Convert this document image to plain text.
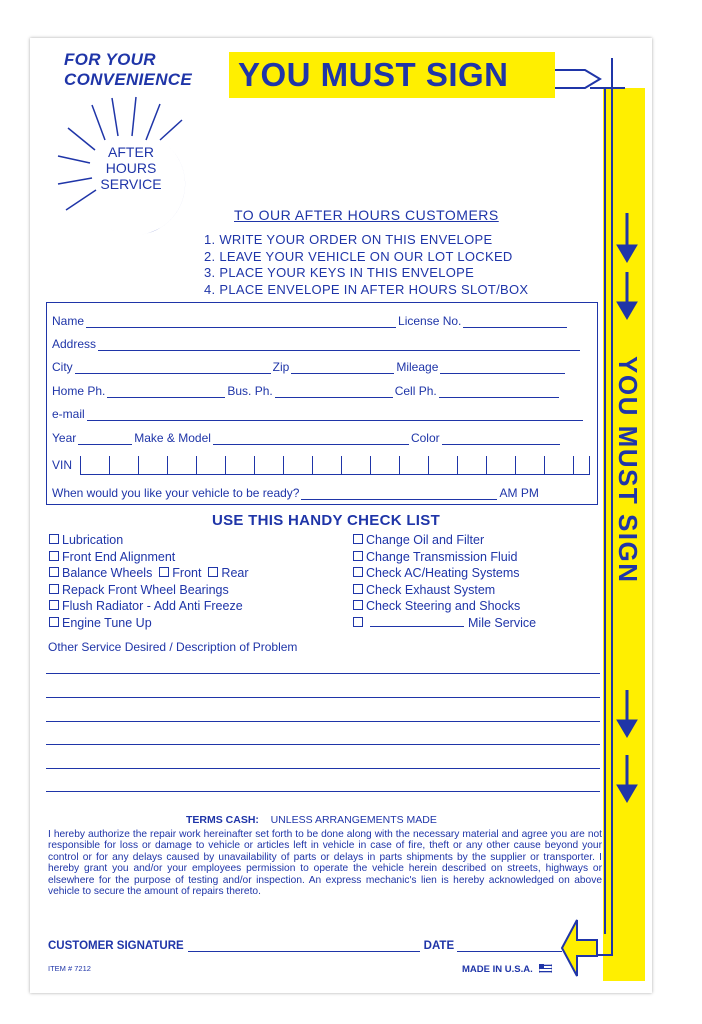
YOU MUST SIGN
FOR YOUR
CONVENIENCE
AFTER
HOURS
SERVICE
TO OUR AFTER HOURS CUSTOMERS
1. WRITE YOUR ORDER ON THIS ENVELOPE
2. LEAVE YOUR VEHICLE ON OUR LOT LOCKED
3. PLACE YOUR KEYS IN THIS ENVELOPE
4. PLACE ENVELOPE IN AFTER HOURS SLOT/BOX
Name	License No.
Address
City	Zip	Mileage
Home Ph.	Bus. Ph.	Cell Ph.
e-mail
Year	Make & Model	Color
VIN
When would you like your vehicle to be ready?	AM PM
USE THIS HANDY CHECK LIST
Lubrication
Front End Alignment
Balance Wheels Front Rear
Repack Front Wheel Bearings
Flush Radiator - Add Anti Freeze
Engine Tune Up
Change Oil and Filter
Change Transmission Fluid
Check AC/Heating Systems
Check Exhaust System
Check Steering and Shocks
Mile Service
Other Service Desired / Description of Problem
TERMS CASH: UNLESS ARRANGEMENTS MADE
I hereby authorize the repair work hereinafter set forth to be done along with the necessary material and agree you are not responsible for loss or damage to vehicle or articles left in vehicle in case of fire, theft or any other cause beyond your control or for any delays caused by unavailability of parts or delays in parts shipments by the supplier or transporter. I hereby grant you and/or your employees permission to operate the vehicle herein described on streets, highways or elsewhere for the purpose of testing and/or inspection. An express mechanic's lien is hereby acknowledged on above vehicle to secure the amount of repairs thereto.
CUSTOMER SIGNATURE	DATE
ITEM # 7212	MADE IN U.S.A.
YOU MUST SIGN
